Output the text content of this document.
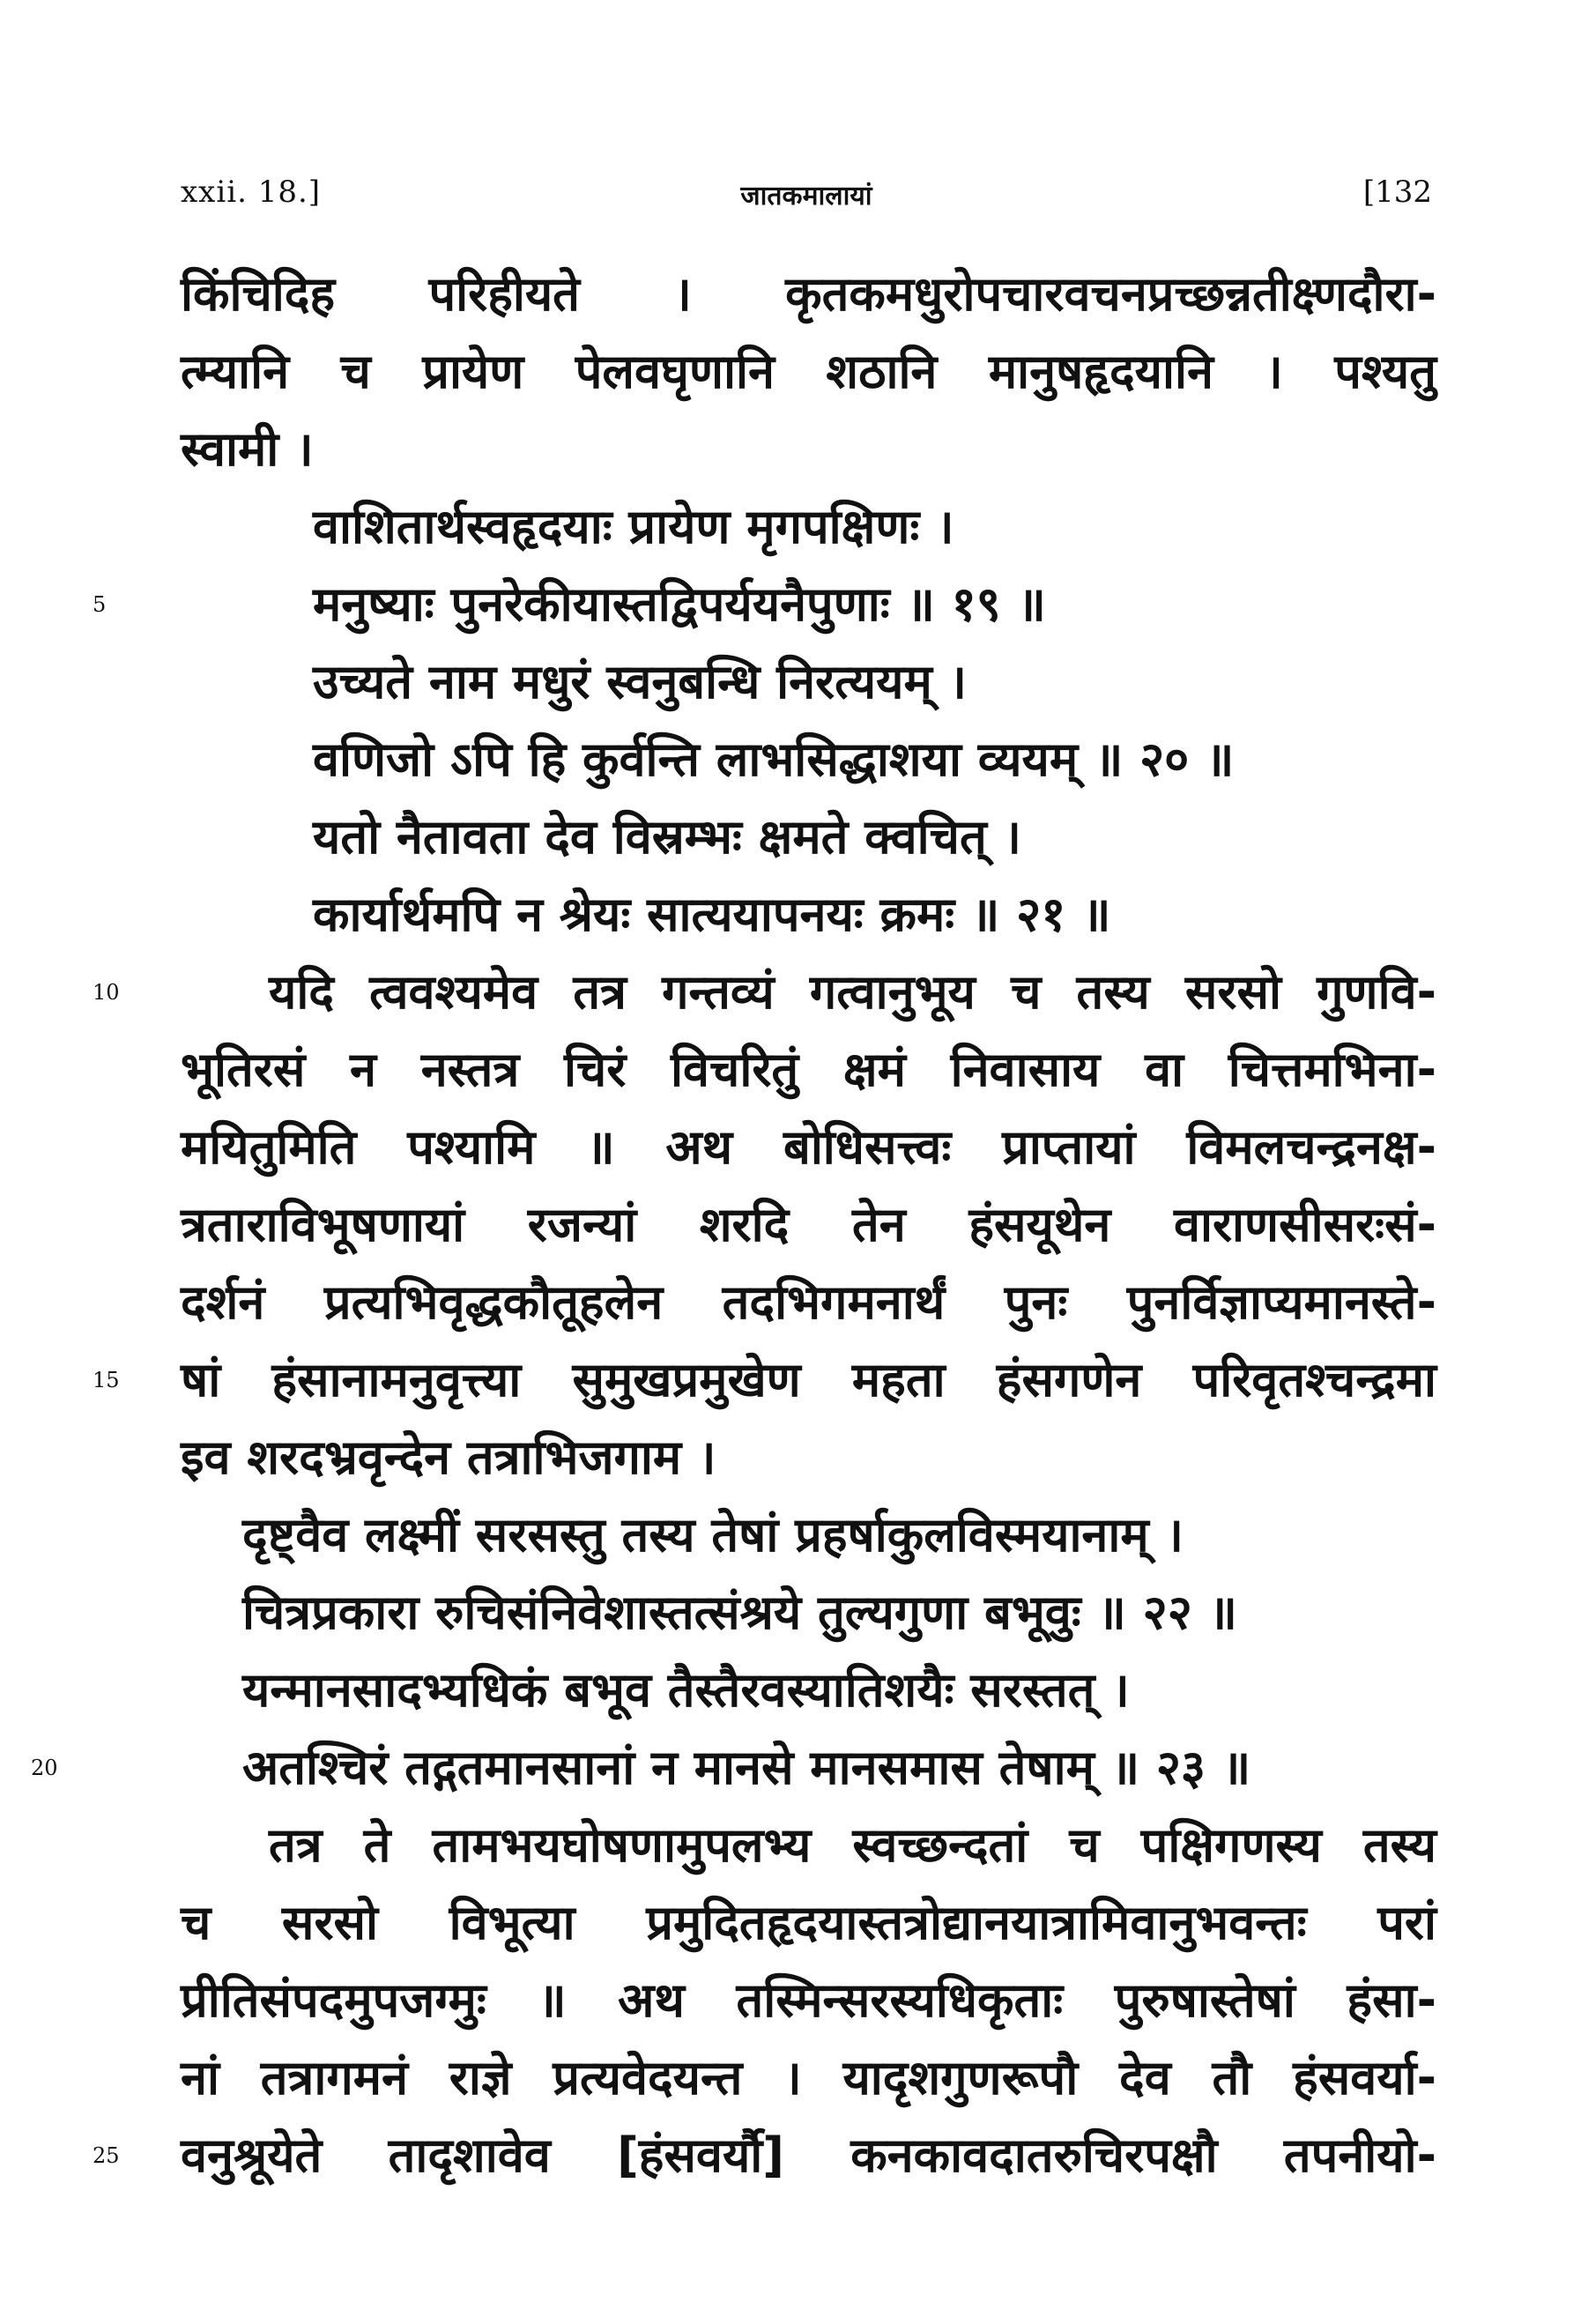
xxii. 18.]	जातकमालायां	[132
किंचिदिह परिहीयते । कृतकमधुरोपचारवचनप्रच्छन्नतीक्ष्णदौरा-
त्म्यानि च प्रायेण पेलवघृणानि शठानि मानुषहृदयानि । पश्यतु
स्वामी ।
वाशितार्थस्वहृदयाः प्रायेण मृगपक्षिणः ।
5	मनुष्याः पुनरेकीयास्तद्विपर्ययनैपुणाः ॥ १९ ॥
उच्यते नाम मधुरं स्वनुबन्धि निरत्ययम् ।
वणिजो ऽपि हि कुर्वन्ति लाभसिद्धाशया व्ययम् ॥ २० ॥
यतो नैतावता देव विस्रम्भः क्षमते क्वचित् ।
कार्यार्थमपि न श्रेयः सात्ययापनयः क्रमः ॥ २१ ॥
10	यदि त्ववश्यमेव तत्र गन्तव्यं गत्वानुभूय च तस्य सरसो गुणवि-
भूतिरसं न नस्तत्र चिरं विचरितुं क्षमं निवासाय वा चित्तमभिना-
मयितुमिति पश्यामि ॥ अथ बोधिसत्त्वः प्राप्तायां विमलचन्द्रनक्ष-
त्रताराविभूषणायां रजन्यां शरदि तेन हंसयूथेन वाराणसीसरःसं-
दर्शनं प्रत्यभिवृद्धकौतूहलेन तदभिगमनार्थं पुनः पुनर्विज्ञाप्यमानस्ते-
15	षां हंसानामनुवृत्त्या सुमुखप्रमुखेण महता हंसगणेन परिवृतश्चन्द्रमा
इव शरदभ्रवृन्देन तत्राभिजगाम ।
दृष्ट्वैव लक्ष्मीं सरसस्तु तस्य तेषां प्रहर्षाकुलविस्मयानाम् ।
चित्रप्रकारा रुचिसंनिवेशास्तत्संश्रये तुल्यगुणा बभूवुः ॥ २२ ॥
यन्मानसादभ्यधिकं बभूव तैस्तैरवस्यातिशयैः सरस्तत् ।
20	अतश्चिरं तद्गतमानसानां न मानसे मानसमास तेषाम् ॥ २३ ॥
तत्र ते तामभयघोषणामुपलभ्य स्वच्छन्दतां च पक्षिगणस्य तस्य
च सरसो विभूत्या प्रमुदितहृदयास्तत्रोद्यानयात्रामिवानुभवन्तः परां
प्रीतिसंपदमुपजग्मुः ॥ अथ तस्मिन्सरस्यधिकृताः पुरुषास्तेषां हंसा-
नां तत्रागमनं राज्ञे प्रत्यवेदयन्त । यादृशगुणरूपौ देव तौ हंसवर्या-
25	वनुश्रूयेते तादृशावेव [हंसवर्यौ] कनकावदातरुचिरपक्षौ तपनीयो-
